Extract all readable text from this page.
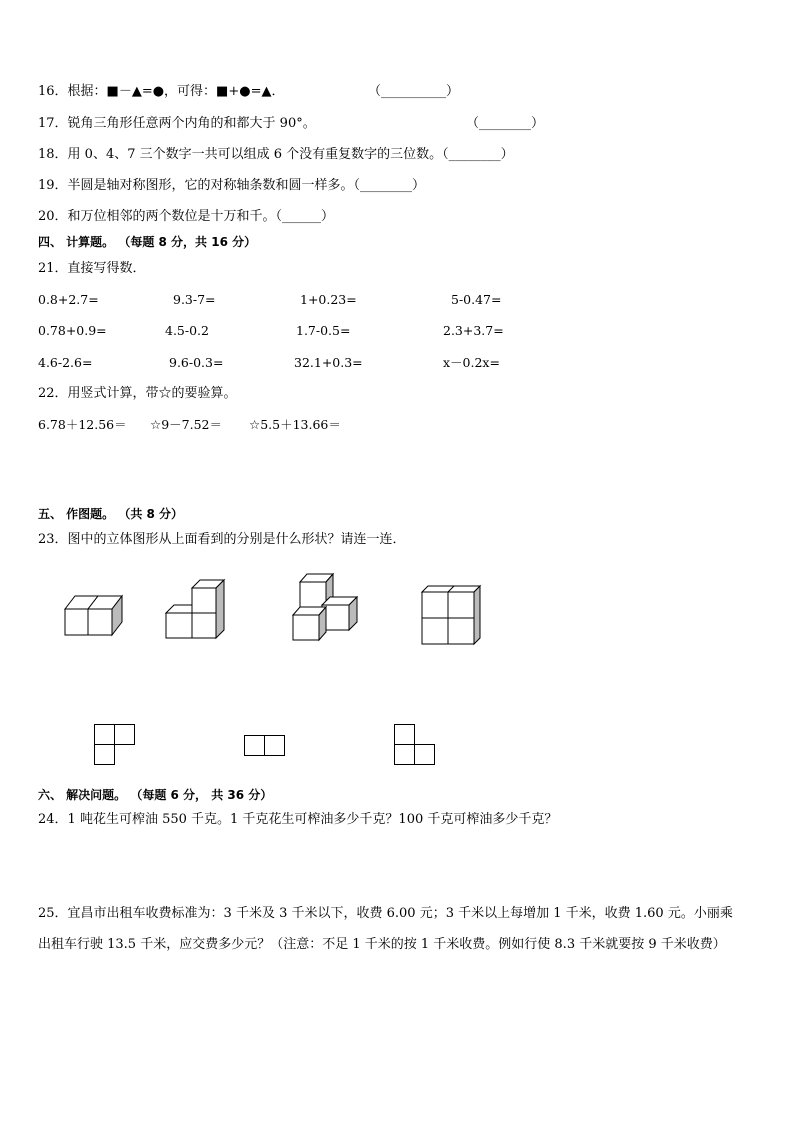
16．根据：■－▲=●，可得：■+●=▲．	（__________）
17．锐角三角形任意两个内角的和都大于 90°。	（________）
18．用 0、4、7 三个数字一共可以组成 6 个没有重复数字的三位数。（________）
19．半圆是轴对称图形，它的对称轴条数和圆一样多。（________）
20．和万位相邻的两个数位是十万和千。（______）
四、 计算题。 （每题 8 分，共 16 分）
21．直接写得数．
0.8+2.7=	9.3-7=	1+0.23=	5-0.47=
0.78+0.9=	4.5-0.2	1.7-0.5=	2.3+3.7=
4.6-2.6=	9.6-0.3=	32.1+0.3=	x－0.2x=
22．用竖式计算，带☆的要验算。
6.78＋12.56＝ ☆9－7.52＝ ☆5.5＋13.66＝
五、 作图题。 （共 8 分）
23．图中的立体图形从上面看到的分别是什么形状？请连一连．
六、 解决问题。 （每题 6 分， 共 36 分）
24．1 吨花生可榨油 550 千克。1 千克花生可榨油多少千克？100 千克可榨油多少千克？
25．宜昌市出租车收费标准为：3 千米及 3 千米以下，收费 6.00 元；3 千米以上每增加 1 千米，收费 1.60 元。小丽乘
出租车行驶 13.5 千米，应交费多少元？（注意：不足 1 千米的按 1 千米收费。例如行使 8.3 千米就要按 9 千米收费）
